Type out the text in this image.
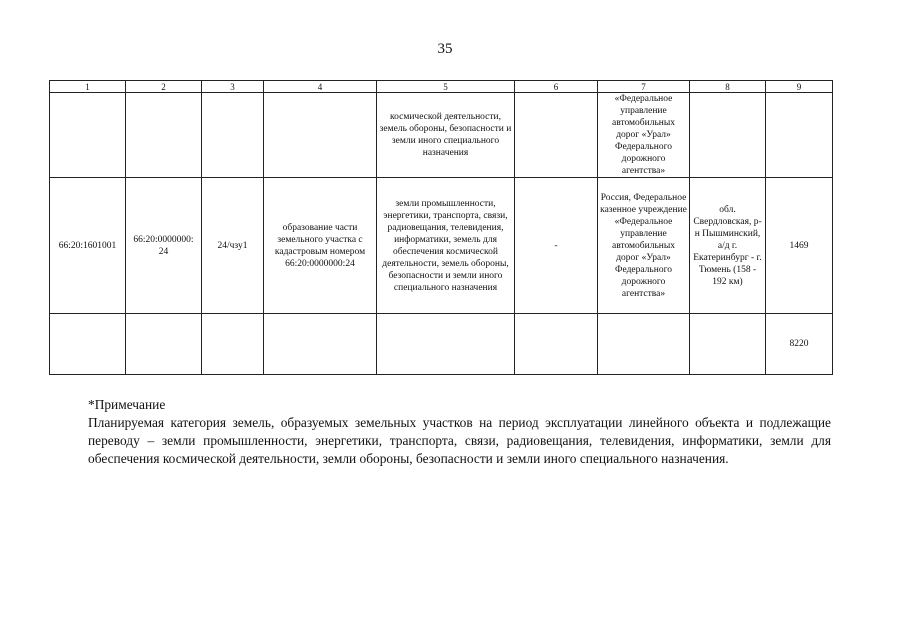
35
1	2	3	4	5	6	7	8	9
				космической деятельности, земель обороны, безопасности и земли иного специального назначения		«Федеральное управление автомобильных дорог «Урал» Федерального дорожного агентства»		
66:20:1601001	66:20:0000000: 24	24/чзу1	образование части земельного участка с кадастровым номером 66:20:0000000:24	земли промышленности, энергетики, транспорта, связи, радиовещания, телевидения, информатики, земель для обеспечения космической деятельности, земель обороны, безопасности и земли иного специального назначения	-	Россия, Федеральное казенное учреждение «Федеральное управление автомобильных дорог «Урал» Федерального дорожного агентства»	обл. Свердловская, р-н Пышминский, а/д г. Екатеринбург - г. Тюмень (158 - 192 км)	1469
								8220
*Примечание
Планируемая категория земель, образуемых земельных участков на период эксплуатации линейного объекта и подлежащие переводу – земли промышленности, энергетики, транспорта, связи, радиовещания, телевидения, информатики, земли для обеспечения космической деятельности, земли обороны, безопасности и земли иного специального назначения.
